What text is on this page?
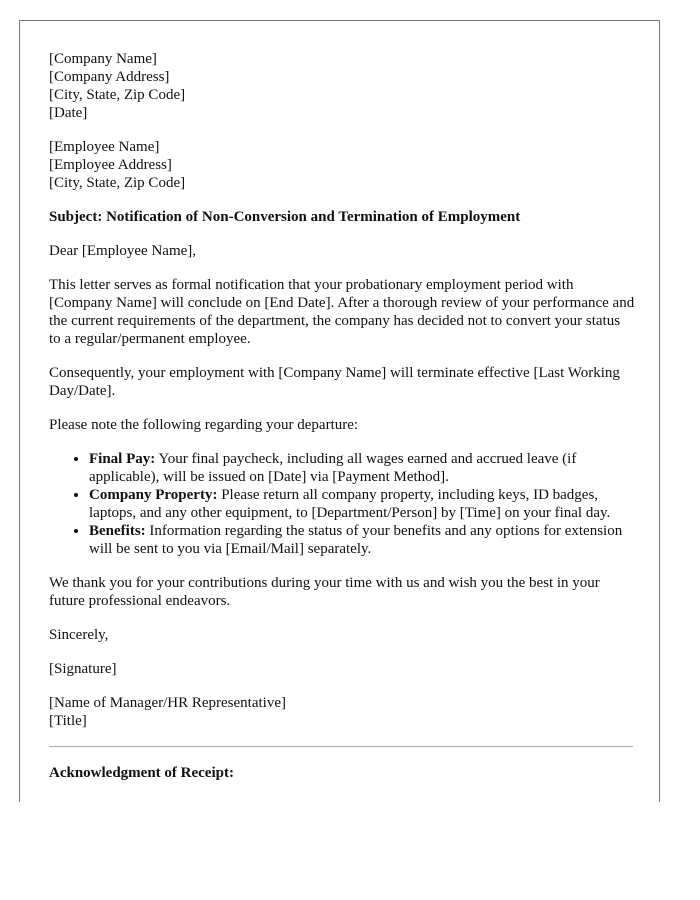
[Company Name]

[Company Address]

[City, State, Zip Code]

[Date]

[Employee Name]

[Employee Address]

[City, State, Zip Code]

Subject: Notification of Non-Conversion and Termination of Employment

Dear [Employee Name],

This letter serves as formal notification that your probationary employment period with [Company Name] will conclude on [End Date]. After a thorough review of your performance and the current requirements of the department, the company has decided not to convert your status to a regular/permanent employee.

Consequently, your employment with [Company Name] will terminate effective [Last Working Day/Date].

Please note the following regarding your departure:

• Final Pay: Your final paycheck, including all wages earned and accrued leave (if applicable), will be issued on [Date] via [Payment Method].
• Company Property: Please return all company property, including keys, ID badges, laptops, and any other equipment, to [Department/Person] by [Time] on your final day.
• Benefits: Information regarding the status of your benefits and any options for extension will be sent to you via [Email/Mail] separately.

We thank you for your contributions during your time with us and wish you the best in your future professional endeavors.

Sincerely,

[Signature]

[Name of Manager/HR Representative]

[Title]

Acknowledgment of Receipt:
